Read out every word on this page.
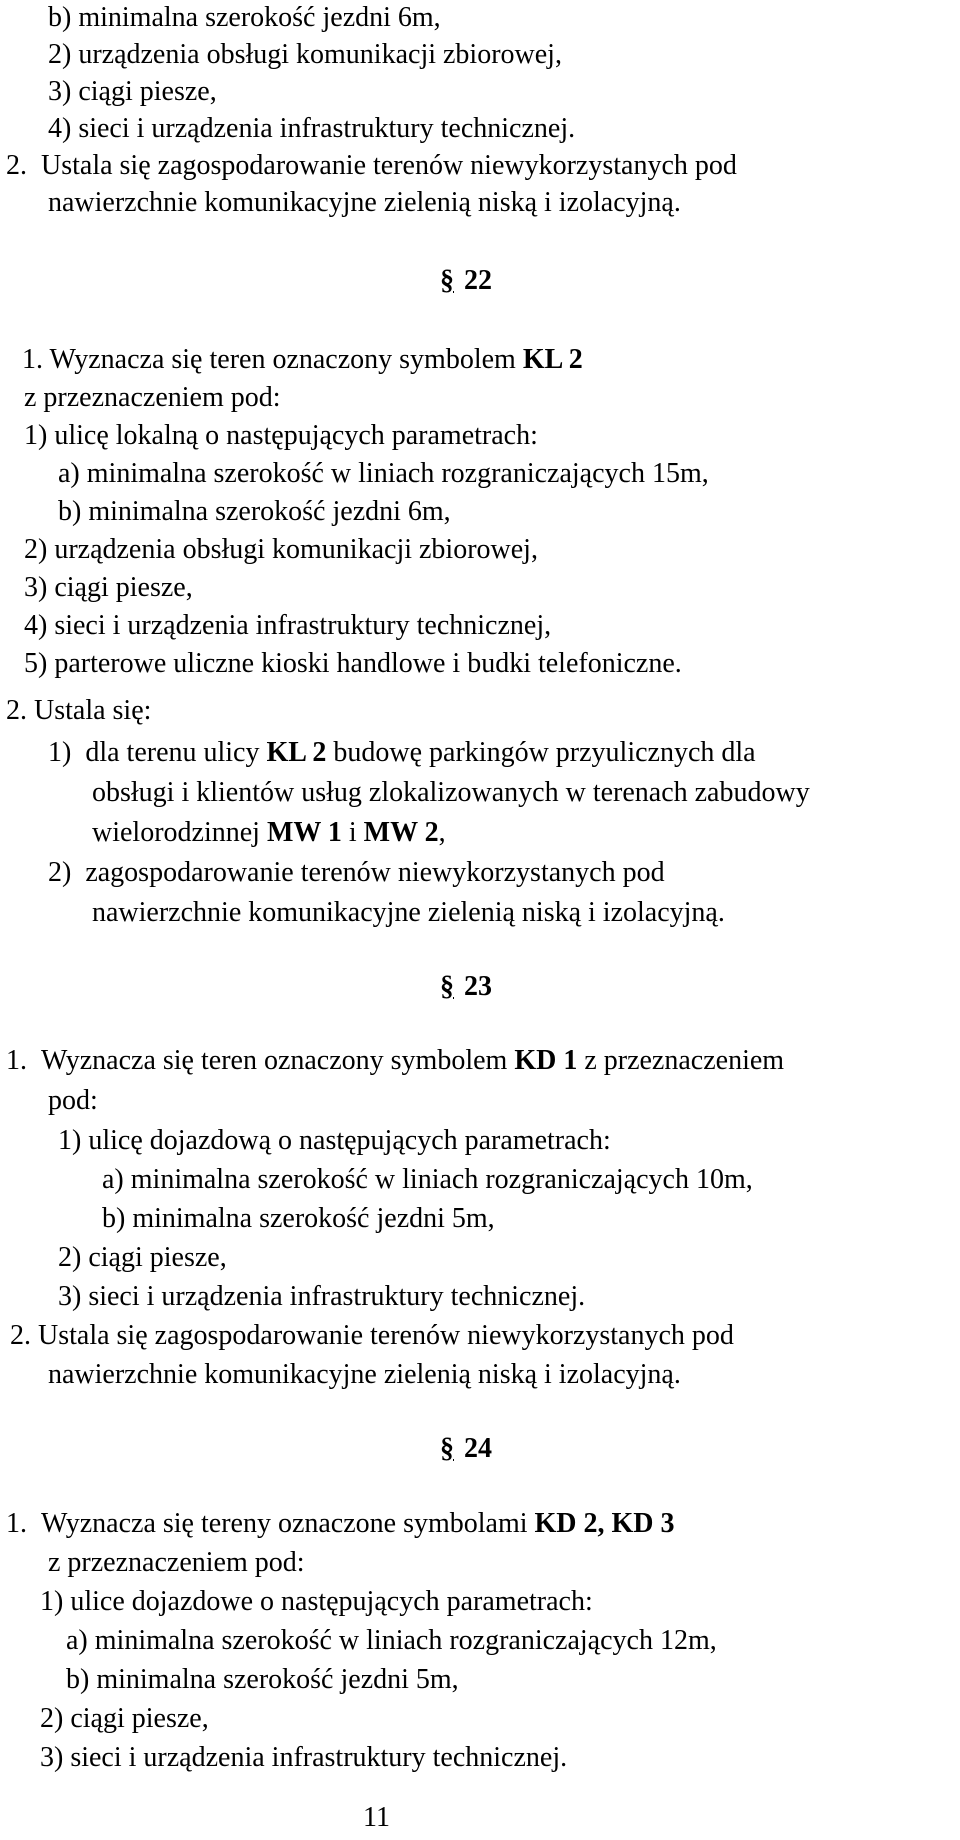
b) minimalna szerokość jezdni 6m,
2) urządzenia obsługi komunikacji zbiorowej,
3) ciągi piesze,
4) sieci i urządzenia infrastruktury technicznej.
2. Ustala się zagospodarowanie terenów niewykorzystanych pod
nawierzchnie komunikacyjne zielenią niską i izolacyjną.
§ 22
1. Wyznacza się teren oznaczony symbolem KL 2
z przeznaczeniem pod:
1) ulicę lokalną o następujących parametrach:
a) minimalna szerokość w liniach rozgraniczających 15m,
b) minimalna szerokość jezdni 6m,
2) urządzenia obsługi komunikacji zbiorowej,
3) ciągi piesze,
4) sieci i urządzenia infrastruktury technicznej,
5) parterowe uliczne kioski handlowe i budki telefoniczne.
2. Ustala się:
1) dla terenu ulicy KL 2 budowę parkingów przyulicznych dla
obsługi i klientów usług zlokalizowanych w terenach zabudowy
wielorodzinnej MW 1 i MW 2,
2) zagospodarowanie terenów niewykorzystanych pod
nawierzchnie komunikacyjne zielenią niską i izolacyjną.
§ 23
1. Wyznacza się teren oznaczony symbolem KD 1 z przeznaczeniem
pod:
1) ulicę dojazdową o następujących parametrach:
a) minimalna szerokość w liniach rozgraniczających 10m,
b) minimalna szerokość jezdni 5m,
2) ciągi piesze,
3) sieci i urządzenia infrastruktury technicznej.
2. Ustala się zagospodarowanie terenów niewykorzystanych pod
nawierzchnie komunikacyjne zielenią niską i izolacyjną.
§ 24
1. Wyznacza się tereny oznaczone symbolami KD 2, KD 3
z przeznaczeniem pod:
1) ulice dojazdowe o następujących parametrach:
a) minimalna szerokość w liniach rozgraniczających 12m,
b) minimalna szerokość jezdni 5m,
2) ciągi piesze,
3) sieci i urządzenia infrastruktury technicznej.
11
